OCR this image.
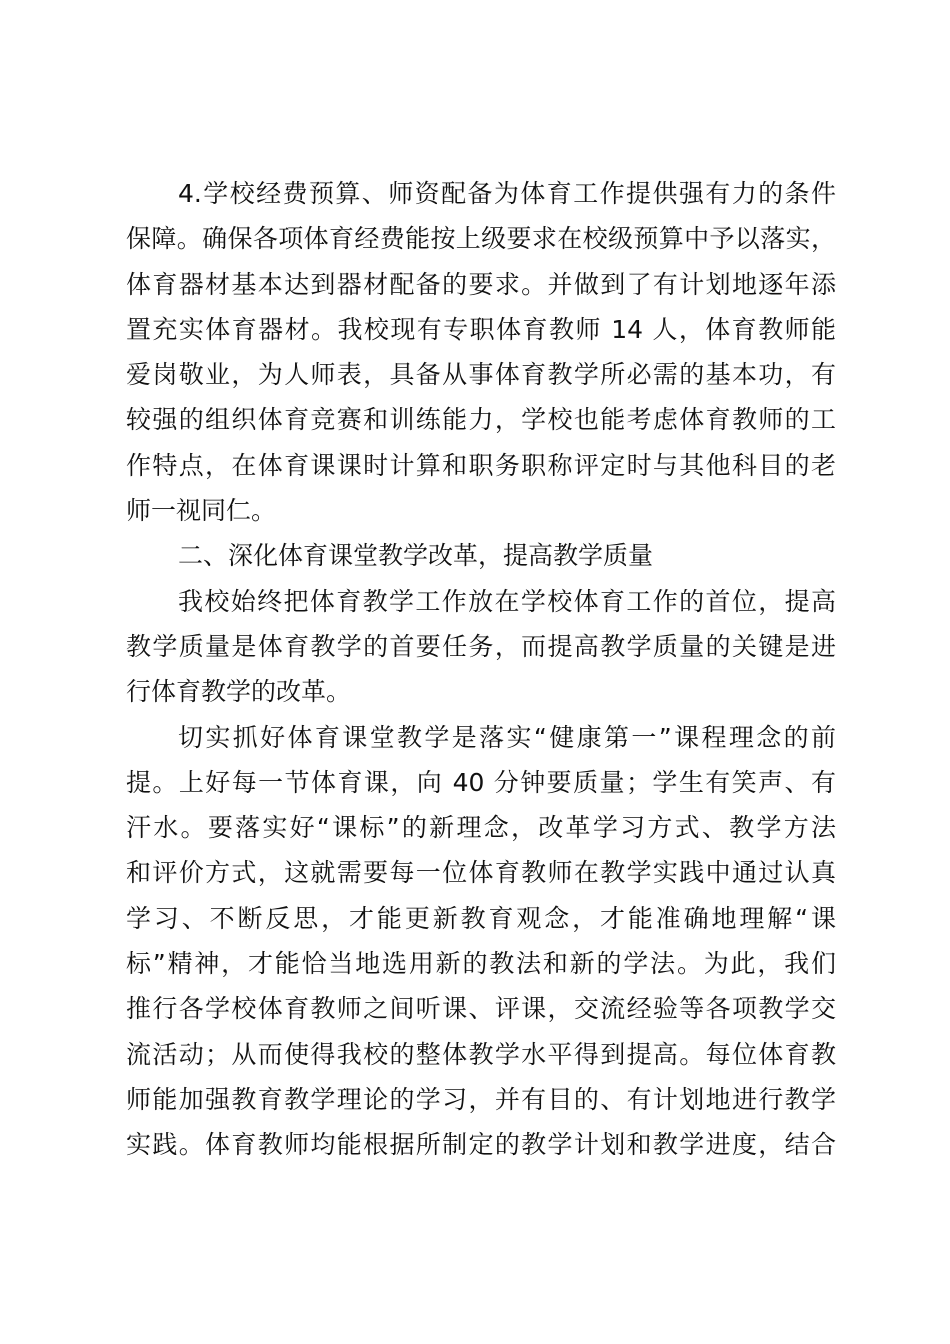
4.学校经费预算、师资配备为体育工作提供强有力的条件
保障。确保各项体育经费能按上级要求在校级预算中予以落实，
体育器材基本达到器材配备的要求。并做到了有计划地逐年添
置充实体育器材。我校现有专职体育教师 14 人，体育教师能
爱岗敬业，为人师表，具备从事体育教学所必需的基本功，有
较强的组织体育竞赛和训练能力，学校也能考虑体育教师的工
作特点，在体育课课时计算和职务职称评定时与其他科目的老
师一视同仁。
二、深化体育课堂教学改革，提高教学质量
我校始终把体育教学工作放在学校体育工作的首位，提高
教学质量是体育教学的首要任务，而提高教学质量的关键是进
行体育教学的改革。
切实抓好体育课堂教学是落实“健康第一”课程理念的前
提。上好每一节体育课，向 40 分钟要质量；学生有笑声、有
汗水。要落实好“课标”的新理念，改革学习方式、教学方法
和评价方式，这就需要每一位体育教师在教学实践中通过认真
学习、不断反思，才能更新教育观念，才能准确地理解“课
标”精神，才能恰当地选用新的教法和新的学法。为此，我们
推行各学校体育教师之间听课、评课，交流经验等各项教学交
流活动；从而使得我校的整体教学水平得到提高。每位体育教
师能加强教育教学理论的学习，并有目的、有计划地进行教学
实践。体育教师均能根据所制定的教学计划和教学进度，结合
